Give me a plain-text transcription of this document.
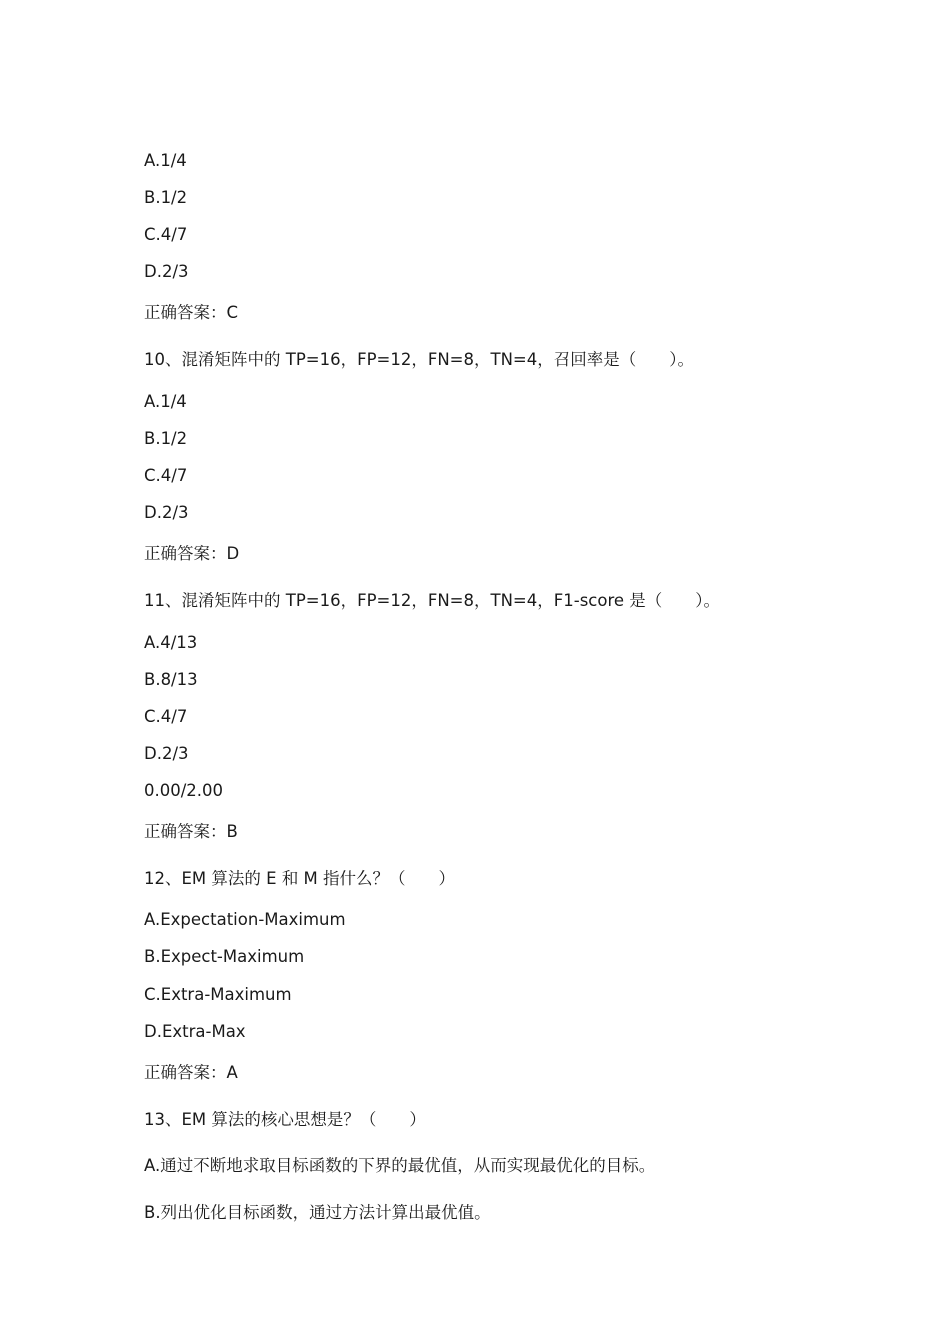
A.1/4
B.1/2
C.4/7
D.2/3
正确答案：C
10、混淆矩阵中的 TP=16，FP=12，FN=8，TN=4，召回率是（　　）。
A.1/4
B.1/2
C.4/7
D.2/3
正确答案：D
11、混淆矩阵中的 TP=16，FP=12，FN=8，TN=4，F1-score 是（　　）。
A.4/13
B.8/13
C.4/7
D.2/3
0.00/2.00
正确答案：B
12、EM 算法的 E 和 M 指什么？（　　）
A.Expectation-Maximum
B.Expect-Maximum
C.Extra-Maximum
D.Extra-Max
正确答案：A
13、EM 算法的核心思想是？（　　）
A.通过不断地求取目标函数的下界的最优值，从而实现最优化的目标。
B.列出优化目标函数，通过方法计算出最优值。
